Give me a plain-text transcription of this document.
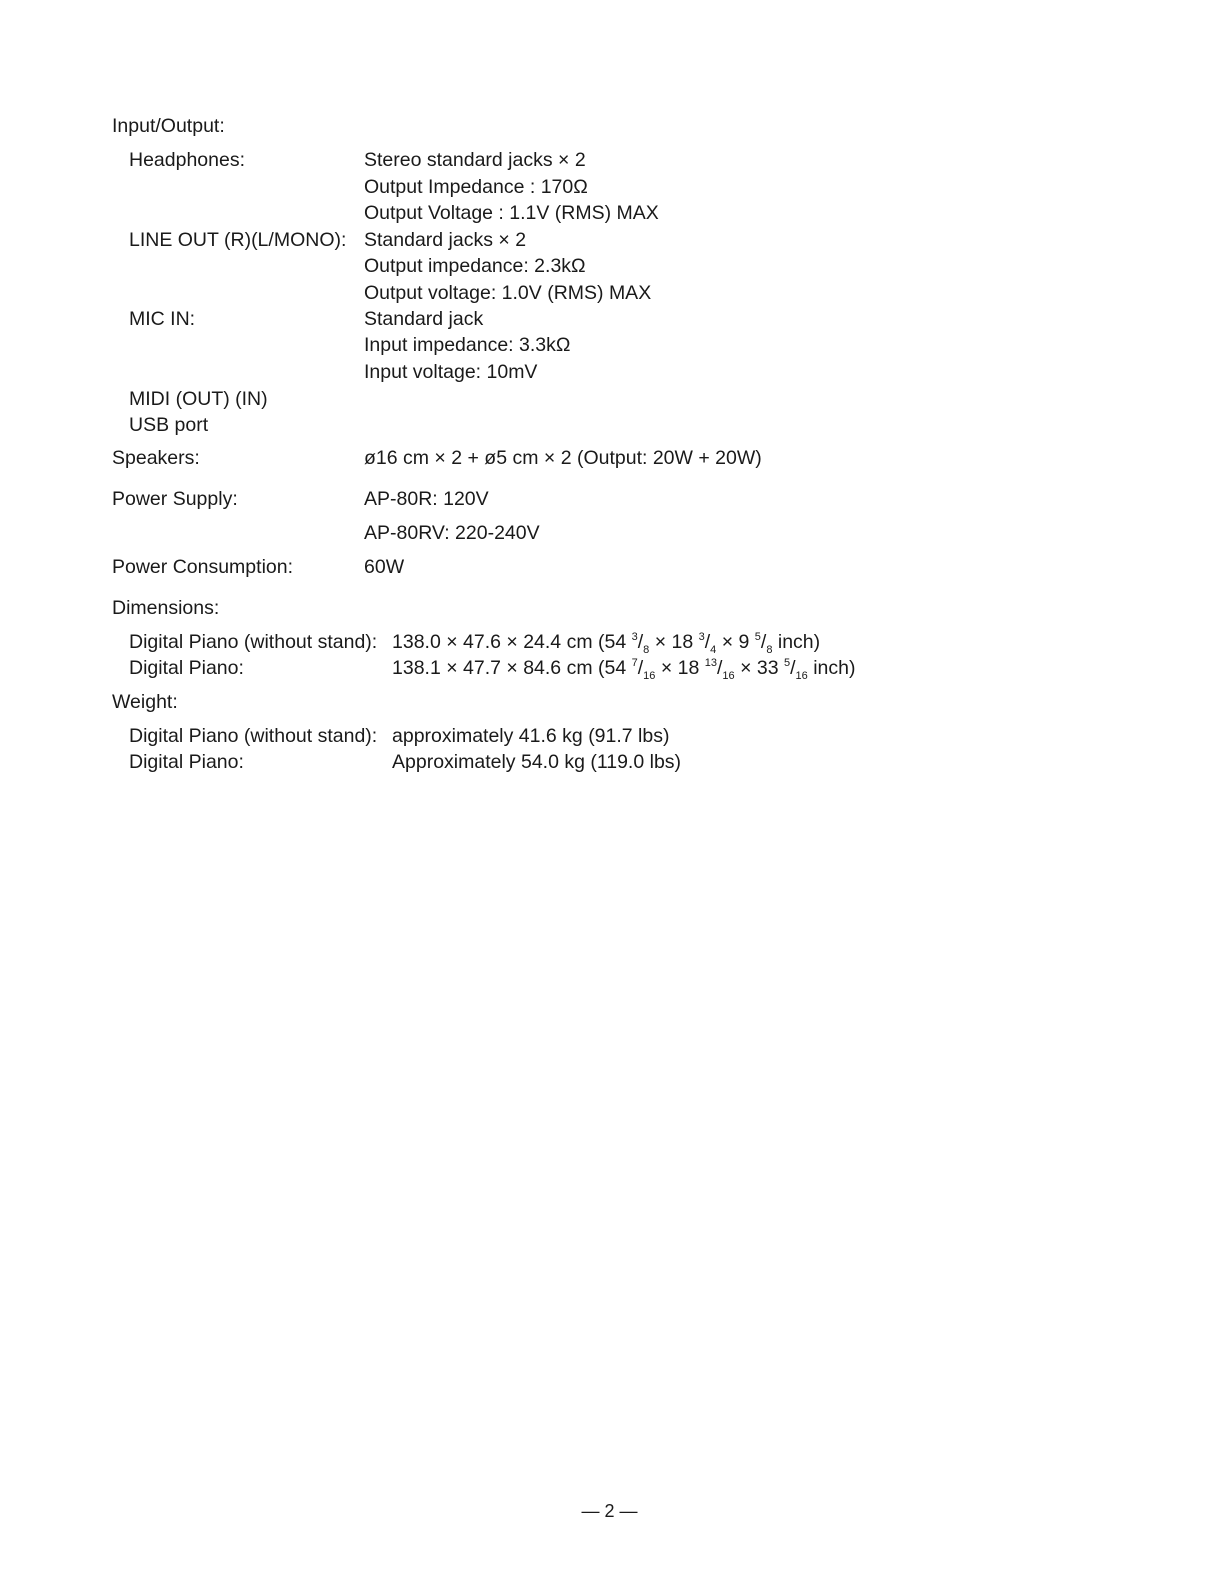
Input/Output:
Headphones:	Stereo standard jacks × 2
Output Impedance : 170Ω
Output Voltage : 1.1V (RMS) MAX
LINE OUT (R)(L/MONO): Standard jacks × 2
Output impedance: 2.3kΩ
Output voltage: 1.0V (RMS) MAX
MIC IN:	Standard jack
Input impedance: 3.3kΩ
Input voltage: 10mV
MIDI (OUT) (IN)
USB port
Speakers:	ø16 cm × 2 + ø5 cm × 2 (Output: 20W + 20W)
Power Supply:	AP-80R: 120V
AP-80RV: 220-240V
Power Consumption:	60W
Dimensions:
Digital Piano (without stand): 138.0 × 47.6 × 24.4 cm (54 $^3/_8 \times 18$ $^3/_4 \times 9$ $^5/_8$ inch)
Digital Piano:	138.1 × 47.7 × 84.6 cm (54 $^7/_{16} \times 18$ $^{13}/_{16} \times 33$ $^5/_{16}$ inch)
Weight:
Digital Piano (without stand): approximately 41.6 kg (91.7 lbs)
Digital Piano:	Approximately 54.0 kg (119.0 lbs)
— 2 —
